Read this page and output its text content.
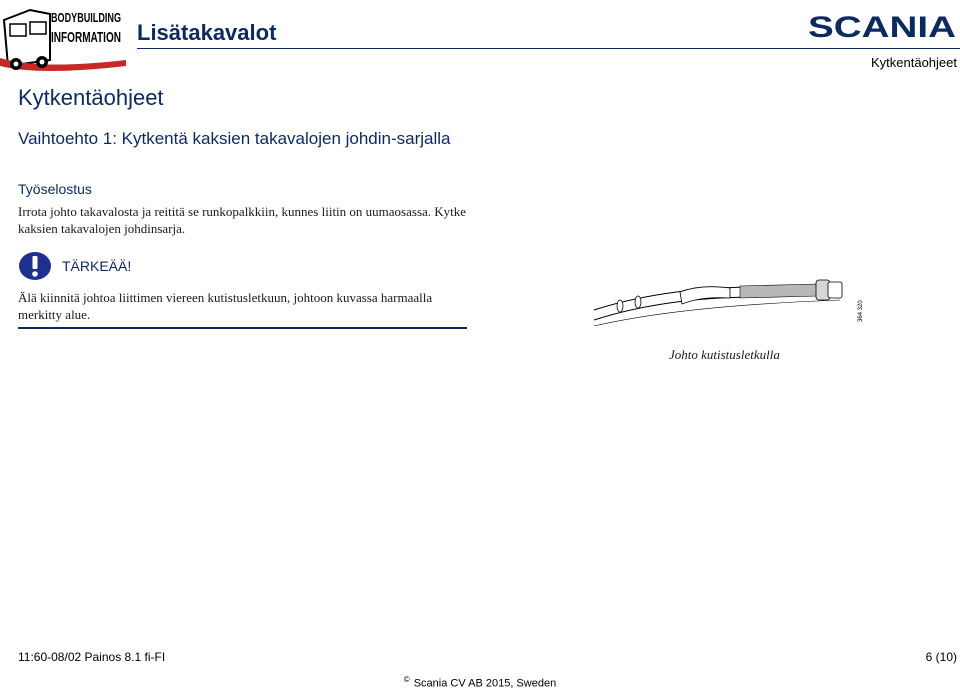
BODYBUILDING
INFORMATION Lisätakavalot	SCANIA
Kytkentäohjeet
Kytkentäohjeet
Vaihtoehto 1: Kytkentä kaksien takavalojen johdin-sarjalla
Työselostus
Irrota johto takavalosta ja reititä se runkopalkkiin, kunnes liitin on uumaosassa. Kytke kaksien takavalojen johdinsarja.
TÄRKEÄÄ!
Älä kiinnitä johtoa liittimen viereen kutistusletkuun, johtoon kuvassa harmaalla merkitty alue.	364 320
Johto kutistusletkulla
11:60-08/02 Painos 8.1 fi-FI	6 (10)
© Scania CV AB 2015, Sweden
